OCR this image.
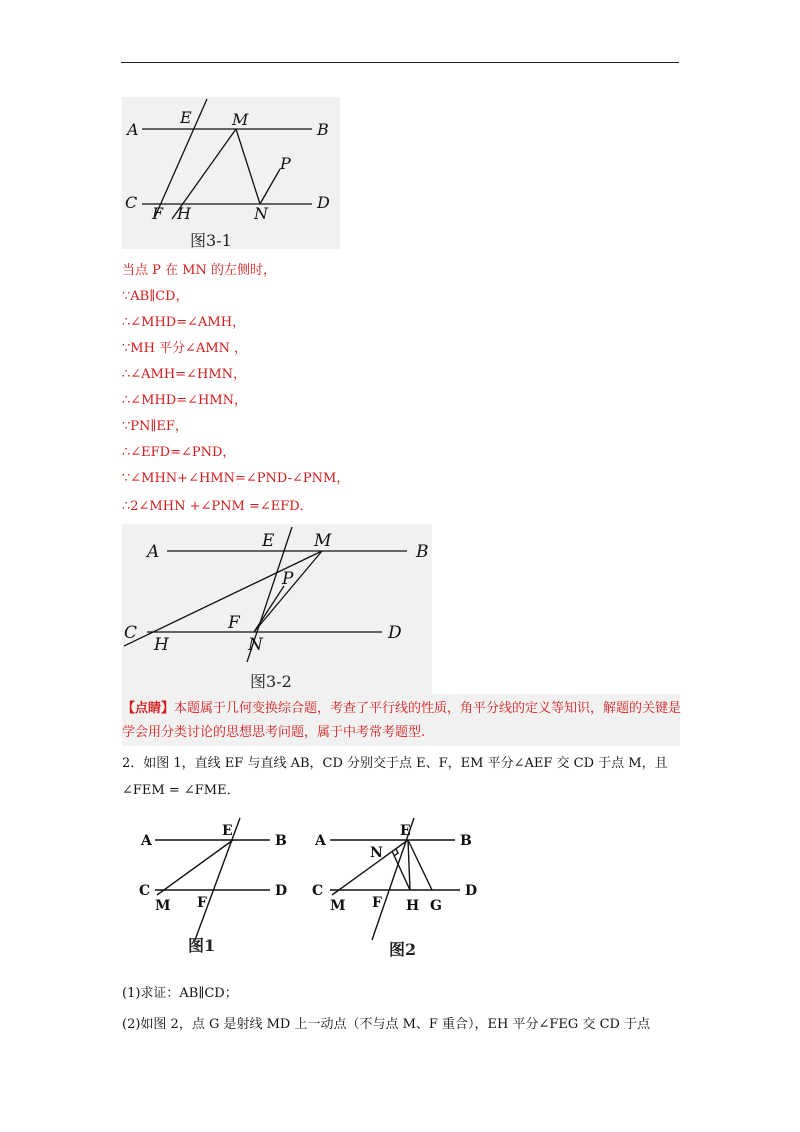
A
E	M
B
P
C
F H	N
D
图3-1
当点 P 在 MN 的左侧时，
∵AB∥CD，
∴∠MHD=∠AMH，
∵MH 平分∠AMN ，
∴∠AMH=∠HMN，
∴∠MHD=∠HMN，
∵PN∥EF，
∴∠EFD=∠PND，
∵∠MHN+∠HMN=∠PND-∠PNM，
∴2∠MHN +∠PNM =∠EFD．
A
E M
B
P
C
H
F
N
D
图3-2
【点睛】本题属于几何变换综合题，考查了平行线的性质，角平分线的定义等知识，解题的关键是学会用分类讨论的思想思考问题，属于中考常考题型.
2．如图 1，直线 EF 与直线 AB，CD 分别交于点 E、F，EM 平分∠AEF 交 CD 于点 M，且
∠FEM = ∠FME．
A
E
B
C
M F
D
图1
A
E
B
N
C
M F H G
D
图2
(1)求证：AB∥CD；
(2)如图 2，点 G 是射线 MD 上一动点（不与点 M、F 重合），EH 平分∠FEG 交 CD 于点
